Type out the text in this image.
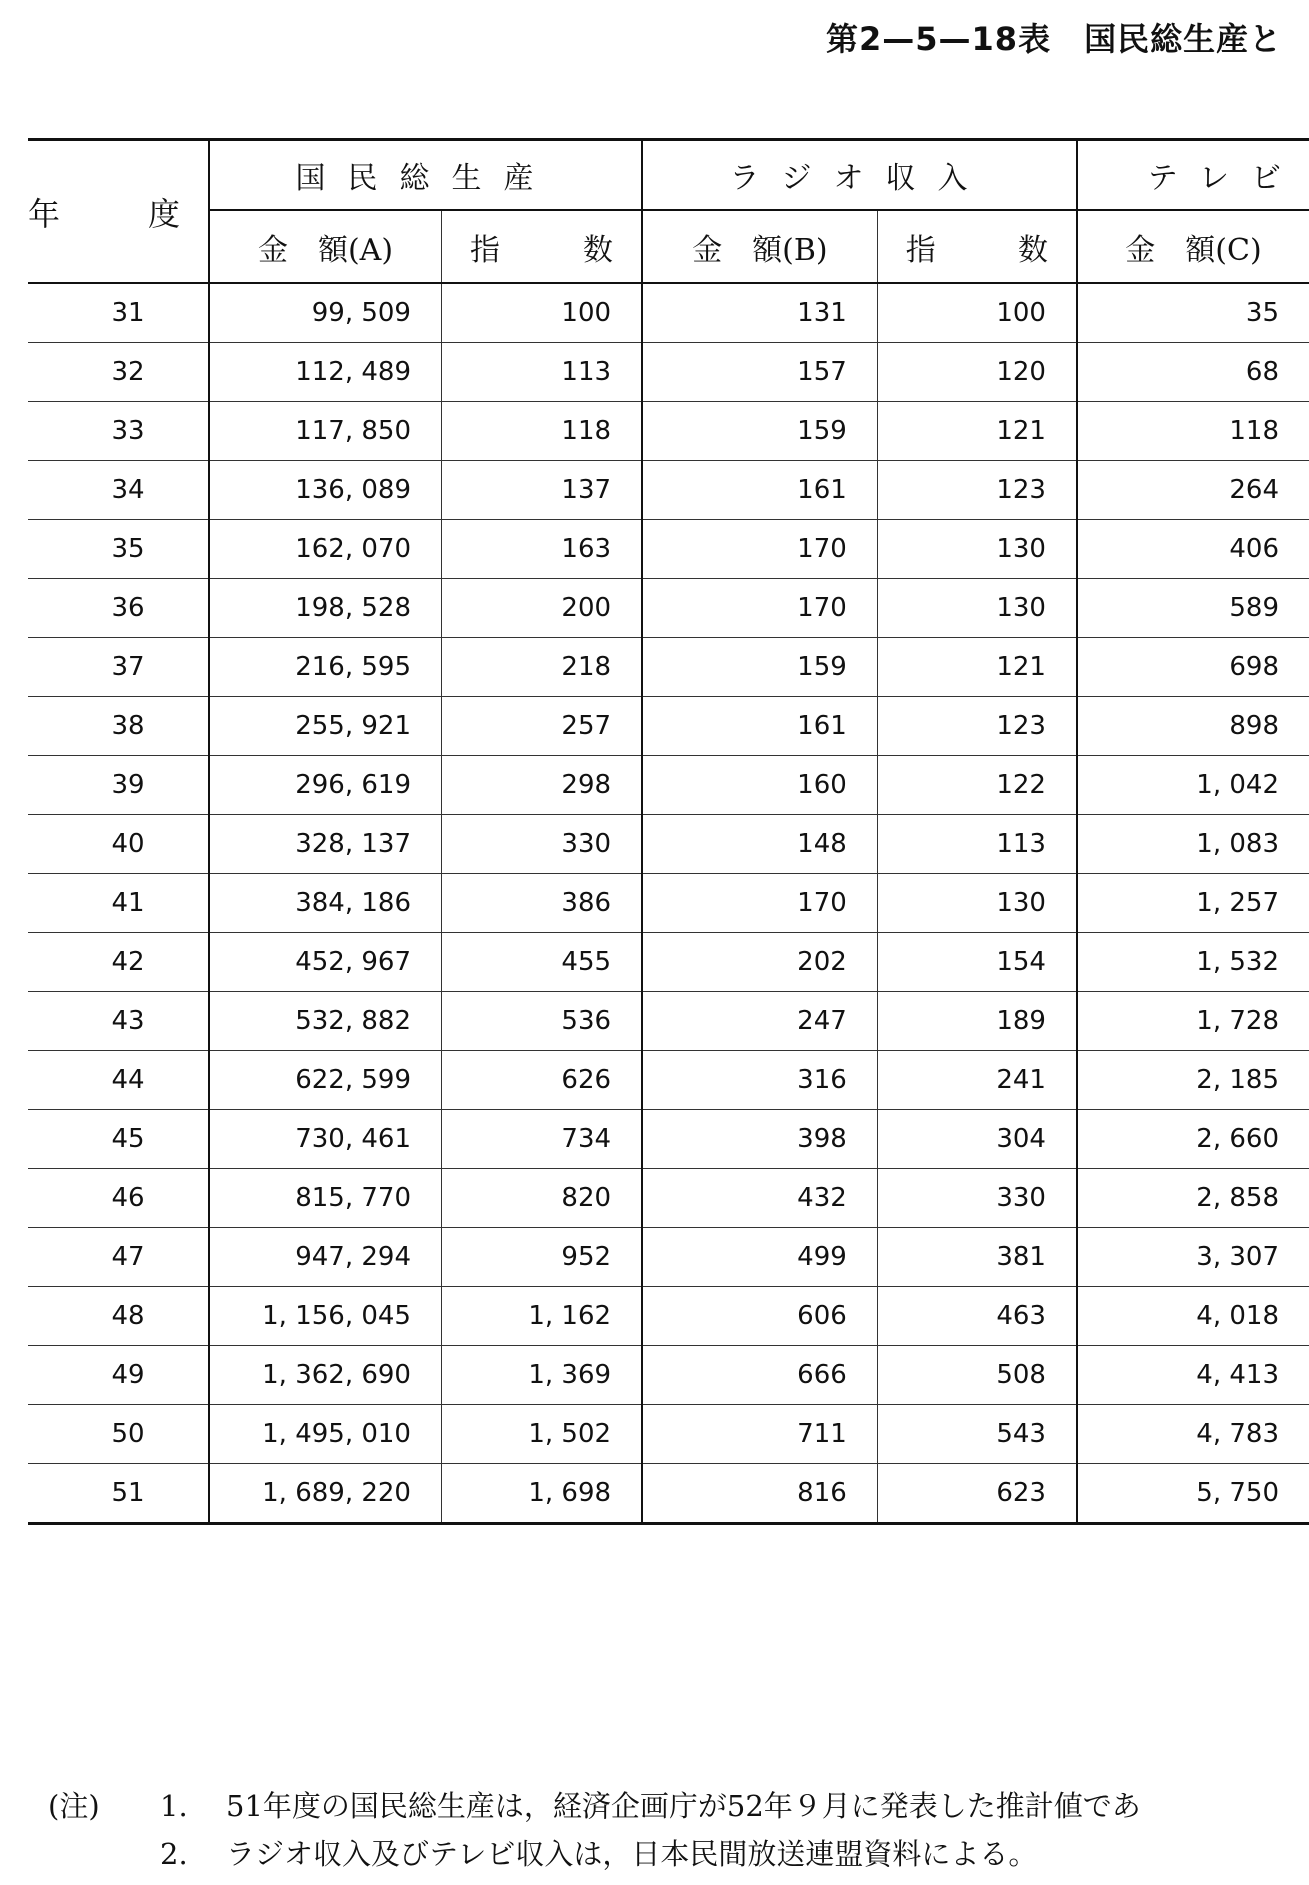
第2—5—18表　国民総生産と
年　度	国民総生産		ラジオ収入		テレビ
	金　額(A)	指 数	金　額(B)	指 数	金　額(C)
31	99, 509	100	131	100	35
32	112, 489	113	157	120	68
33	117, 850	118	159	121	118
34	136, 089	137	161	123	264
35	162, 070	163	170	130	406
36	198, 528	200	170	130	589
37	216, 595	218	159	121	698
38	255, 921	257	161	123	898
39	296, 619	298	160	122	1, 042
40	328, 137	330	148	113	1, 083
41	384, 186	386	170	130	1, 257
42	452, 967	455	202	154	1, 532
43	532, 882	536	247	189	1, 728
44	622, 599	626	316	241	2, 185
45	730, 461	734	398	304	2, 660
46	815, 770	820	432	330	2, 858
47	947, 294	952	499	381	3, 307
48	1, 156, 045	1, 162	606	463	4, 018
49	1, 362, 690	1, 369	666	508	4, 413
50	1, 495, 010	1, 502	711	543	4, 783
51	1, 689, 220	1, 698	816	623	5, 750
(注)	1.	51年度の国民総生産は，経済企画庁が52年９月に発表した推計値であ
2.	ラジオ収入及びテレビ収入は，日本民間放送連盟資料による。
